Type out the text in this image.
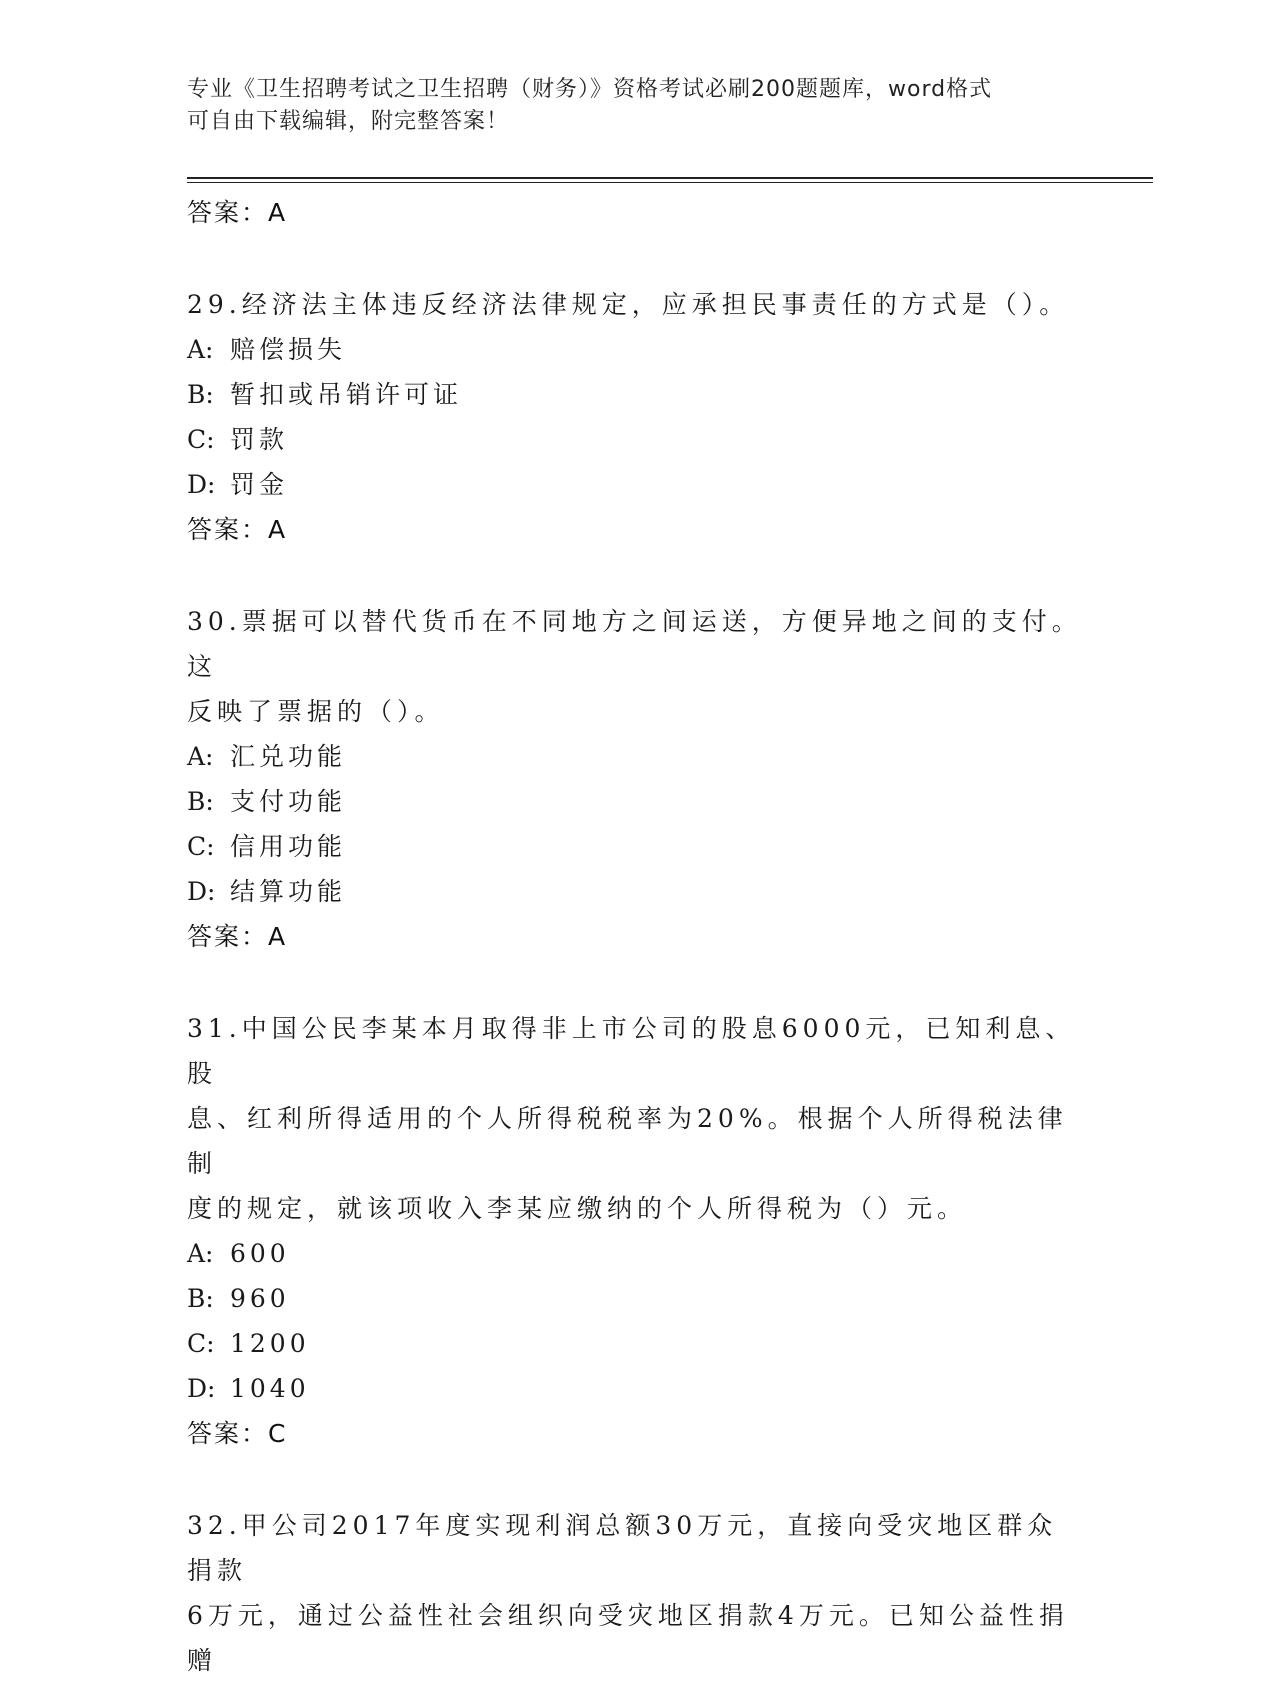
专业《卫生招聘考试之卫生招聘（财务）》资格考试必刷200题题库，word格式
可自由下载编辑，附完整答案！

答案：A

29.经济法主体违反经济法律规定，应承担民事责任的方式是（）。

A: 赔偿损失

B: 暂扣或吊销许可证

C: 罚款

D: 罚金

答案：A

30.票据可以替代货币在不同地方之间运送，方便异地之间的支付。这

反映了票据的（）。

A: 汇兑功能

B: 支付功能

C: 信用功能

D: 结算功能

答案：A

31.中国公民李某本月取得非上市公司的股息6000元，已知利息、股

息、红利所得适用的个人所得税税率为20%。根据个人所得税法律制

度的规定，就该项收入李某应缴纳的个人所得税为（）元。

A: 600

B: 960

C: 1200

D: 1040

答案：C

32.甲公司2017年度实现利润总额30万元，直接向受灾地区群众捐款

6万元，通过公益性社会组织向受灾地区捐款4万元。已知公益性捐赠
